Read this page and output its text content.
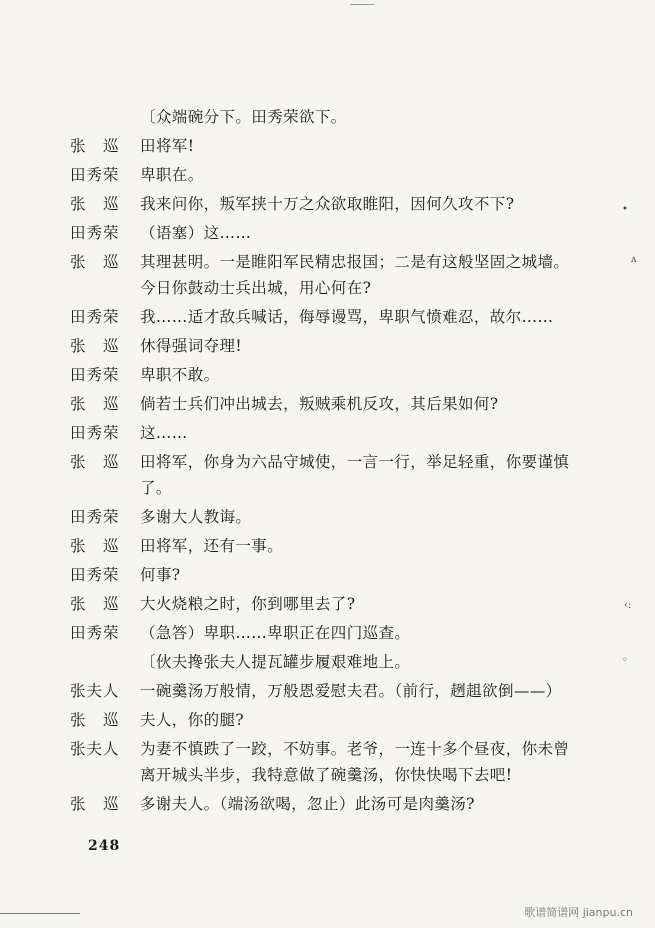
〔众端碗分下。田秀荣欲下。
张　巡	田将军!
田秀荣	卑职在。
张　巡	我来问你，叛军挟十万之众欲取睢阳，因何久攻不下?
田秀荣	（语塞）这……
张　巡	其理甚明。一是睢阳军民精忠报国；二是有这般坚固之城墙。今日你鼓动士兵出城，用心何在?
田秀荣	我……适才敌兵喊话，侮辱谩骂，卑职气愤难忍，故尔……
张　巡	休得强词夺理!
田秀荣	卑职不敢。
张　巡	倘若士兵们冲出城去，叛贼乘机反攻，其后果如何?
田秀荣	这……
张　巡	田将军，你身为六品守城使，一言一行，举足轻重，你要谨慎了。
田秀荣	多谢大人教诲。
张　巡	田将军，还有一事。
田秀荣	何事?
张　巡	大火烧粮之时，你到哪里去了?
田秀荣	（急答）卑职……卑职正在四门巡查。
〔伙夫搀张夫人提瓦罐步履艰难地上。
张夫人	一碗羹汤万般情，万般恩爱慰夫君。（前行，趔趄欲倒——）
张　巡	夫人，你的腿?
张夫人	为妻不慎跌了一跤，不妨事。老爷，一连十多个昼夜，你未曾离开城头半步，我特意做了碗羹汤，你快快喝下去吧!
张　巡	多谢夫人。（端汤欲喝，忽止）此汤可是肉羹汤?
248
•
ʌ
‹:
◦
歌谱简谱网 jianpu.cn
